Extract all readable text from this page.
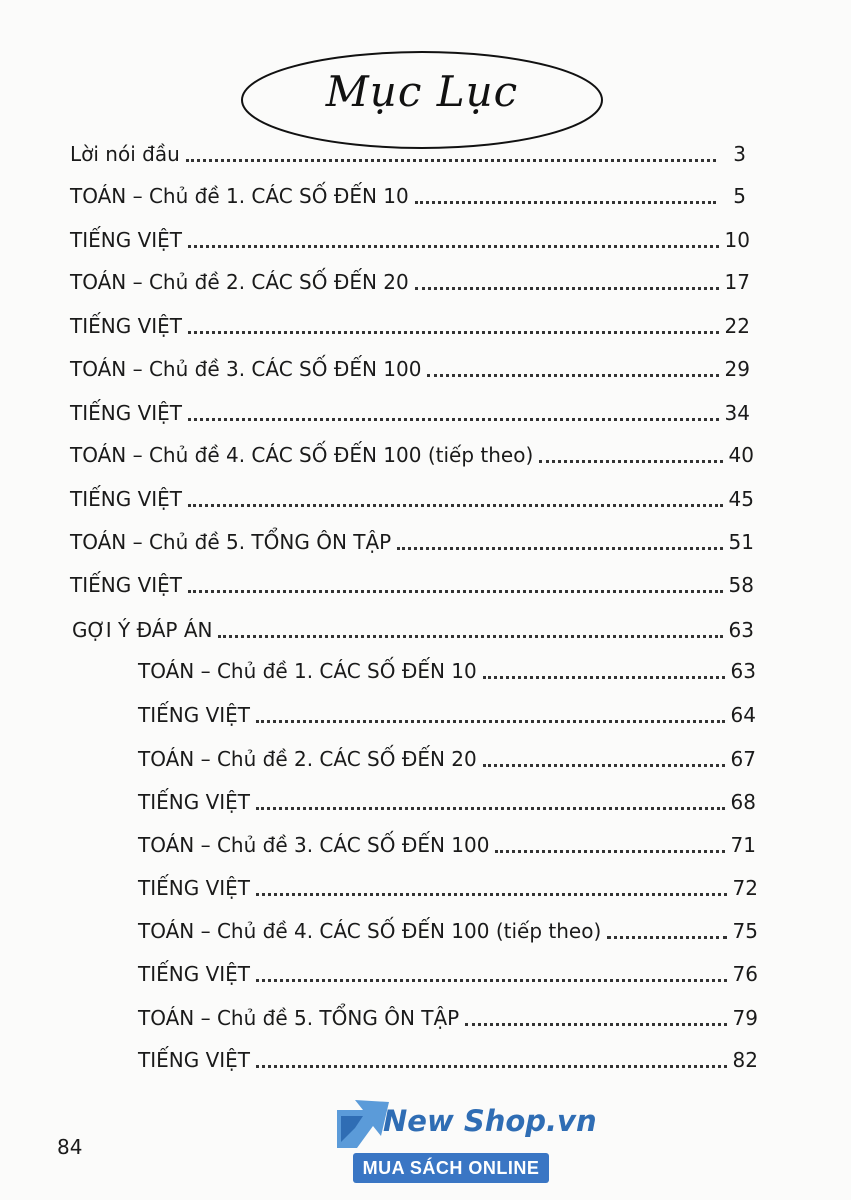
Mục Lục
Lời nói đầu	3
TOÁN – Chủ đề 1. CÁC SỐ ĐẾN 10	5
TIẾNG VIỆT	10
TOÁN – Chủ đề 2. CÁC SỐ ĐẾN 20	17
TIẾNG VIỆT	22
TOÁN – Chủ đề 3. CÁC SỐ ĐẾN 100	29
TIẾNG VIỆT	34
TOÁN – Chủ đề 4. CÁC SỐ ĐẾN 100 (tiếp theo)	40
TIẾNG VIỆT	45
TOÁN – Chủ đề 5. TỔNG ÔN TẬP	51
TIẾNG VIỆT	58
GỢI Ý ĐÁP ÁN	63
TOÁN – Chủ đề 1. CÁC SỐ ĐẾN 10	63
TIẾNG VIỆT	64
TOÁN – Chủ đề 2. CÁC SỐ ĐẾN 20	67
TIẾNG VIỆT	68
TOÁN – Chủ đề 3. CÁC SỐ ĐẾN 100	71
TIẾNG VIỆT	72
TOÁN – Chủ đề 4. CÁC SỐ ĐẾN 100 (tiếp theo)	75
TIẾNG VIỆT	76
TOÁN – Chủ đề 5. TỔNG ÔN TẬP	79
TIẾNG VIỆT	82
84
New Shop.vn
MUA SÁCH ONLINE
